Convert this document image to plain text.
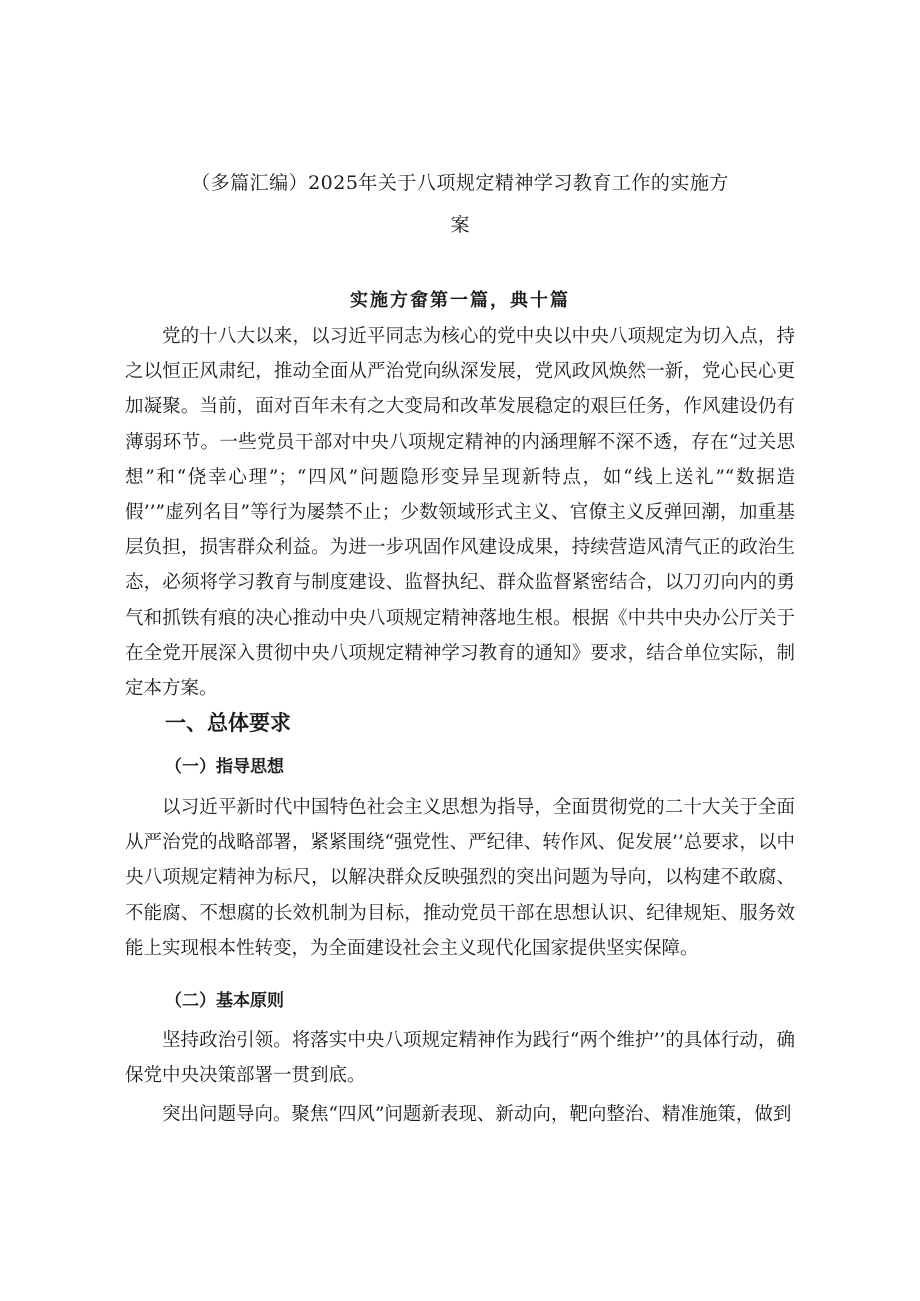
（多篇汇编）2025年关于八项规定精神学习教育工作的实施方
案
实施方畲第一篇，典十篇

党的十八大以来，以习近平同志为核心的党中央以中央八项规定为切入点，持之以恒正风肃纪，推动全面从严治党向纵深发展，党风政风焕然一新，党心民心更加凝聚。当前，面对百年未有之大变局和改革发展稳定的艰巨任务，作风建设仍有薄弱环节。一些党员干部对中央八项规定精神的内涵理解不深不透，存在“过关思想”和“侥幸心理”；“四风”问题隐形变异呈现新特点，如“线上送礼”“数据造假’’”虚列名目”等行为屡禁不止；少数领域形式主义、官僚主义反弹回潮，加重基层负担，损害群众利益。为进一步巩固作风建设成果，持续营造风清气正的政治生态，必须将学习教育与制度建设、监督执纪、群众监督紧密结合，以刀刃向内的勇气和抓铁有痕的决心推动中央八项规定精神落地生根。根据《中共中央办公厅关于在全党开展深入贯彻中央八项规定精神学习教育的通知》要求，结合单位实际，制定本方案。

一、总体要求
（一）指导思想

以习近平新时代中国特色社会主义思想为指导，全面贯彻党的二十大关于全面从严治党的战略部署，紧紧围绕“强党性、严纪律、转作风、促发展’’总要求，以中央八项规定精神为标尺，以解决群众反映强烈的突出问题为导向，以构建不敢腐、不能腐、不想腐的长效机制为目标，推动党员干部在思想认识、纪律规矩、服务效能上实现根本性转变，为全面建设社会主义现代化国家提供坚实保障。

（二）基本原则

坚持政治引领。将落实中央八项规定精神作为践行“两个维护’’的具体行动，确保党中央决策部署一贯到底。

突出问题导向。聚焦“四风”问题新表现、新动向，靶向整治、精准施策，做到
